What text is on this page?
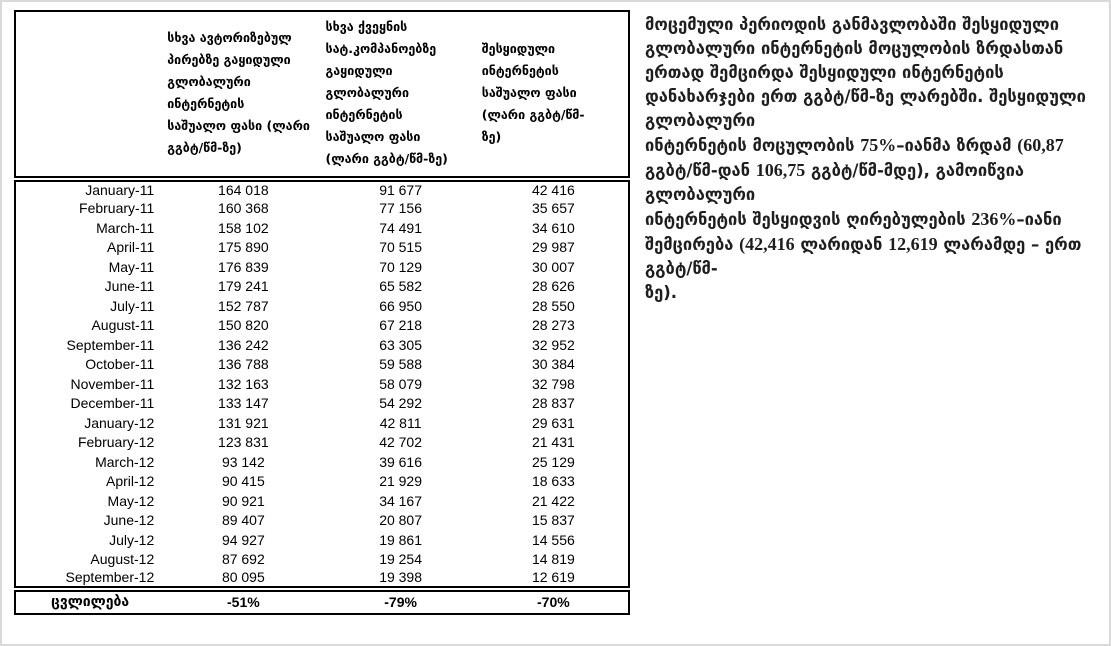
სხვა ავტორიზებულ
პირებზე გაყიდული
გლობალური
ინტერნეტის
საშუალო ფასი (ლარი
გგბტ/წმ-ზე)

სხვა ქვეყნის
სატ.კომპანოებზე
გაყიდული
გლობალური
ინტერნეტის
საშუალო ფასი
(ლარი გგბტ/წმ-ზე)

შესყიდული
ინტერნეტის
საშუალო ფასი
(ლარი გგბტ/წმ-
ზე)

January-11	164 018	91 677	42 416
February-11	160 368	77 156	35 657
March-11	158 102	74 491	34 610
April-11	175 890	70 515	29 987
May-11	176 839	70 129	30 007
June-11	179 241	65 582	28 626
July-11	152 787	66 950	28 550
August-11	150 820	67 218	28 273
September-11	136 242	63 305	32 952
October-11	136 788	59 588	30 384
November-11	132 163	58 079	32 798
December-11	133 147	54 292	28 837
January-12	131 921	42 811	29 631
February-12	123 831	42 702	21 431
March-12	93 142	39 616	25 129
April-12	90 415	21 929	18 633
May-12	90 921	34 167	21 422
June-12	89 407	20 807	15 837
July-12	94 927	19 861	14 556
August-12	87 692	19 254	14 819
September-12	80 095	19 398	12 619
ცვლილება	-51%	-79%	-70%
მოცემული პერიოდის განმავლობაში შესყიდული
გლობალური ინტერნეტის მოცულობის ზრდასთან
ერთად შემცირდა შესყიდული ინტერნეტის
დანახარჯები ერთ გგბტ/წმ-ზე ლარებში. შესყიდული
გლობალური
ინტერნეტის მოცულობის 75%–იანმა ზრდამ (60,87
გგბტ/წმ-დან 106,75 გგბტ/წმ-მდე), გამოიწვია
გლობალური
ინტერნეტის შესყიდვის ღირებულების 236%–იანი
შემცირება (42,416 ლარიდან 12,619 ლარამდე – ერთ
გგბტ/წმ-
ზე).
